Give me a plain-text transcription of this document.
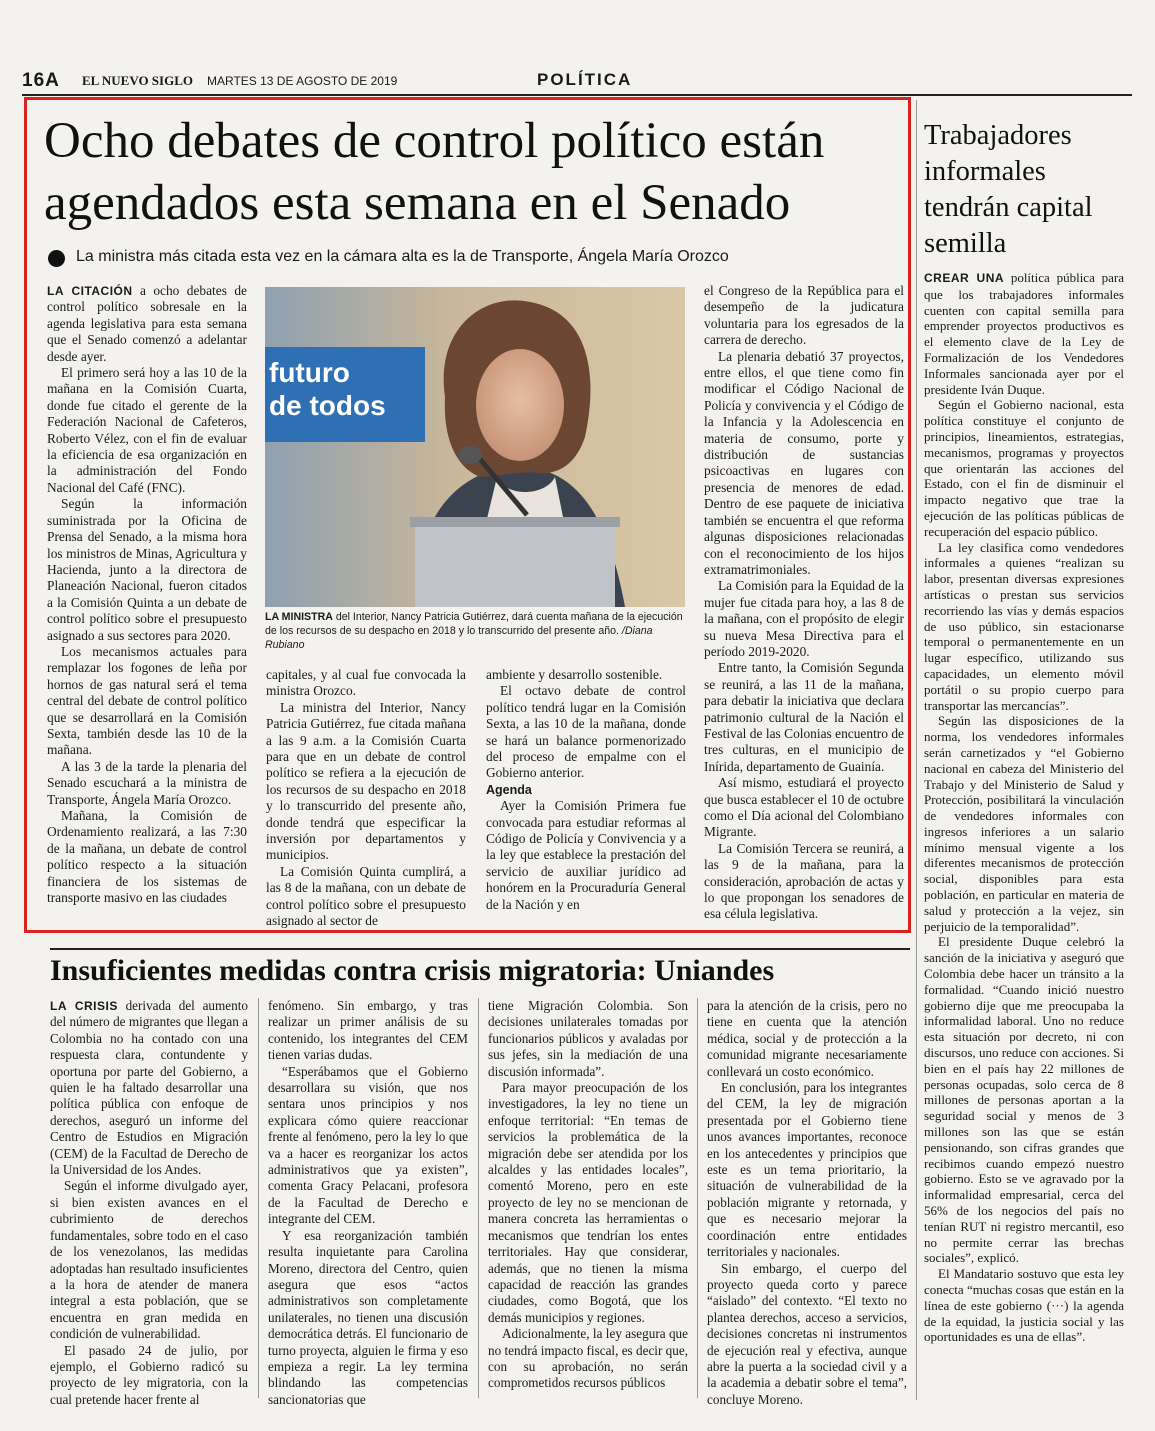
16A EL NUEVO SIGLO MARTES 13 DE AGOSTO DE 2019	POLÍTICA
Ocho debates de control político están agendados esta semana en el Senado
La ministra más citada esta vez en la cámara alta es la de Transporte, Ángela María Orozco

LA CITACIÓN a ocho debates de control político sobresale en la agenda legislativa para esta semana que el Senado comenzó a adelantar desde ayer.

El primero será hoy a las 10 de la mañana en la Comisión Cuarta, donde fue citado el gerente de la Federación Nacional de Cafeteros, Roberto Vélez, con el fin de evaluar la eficiencia de esa organización en la administración del Fondo Nacional del Café (FNC).

Según la información suministrada por la Oficina de Prensa del Senado, a la misma hora los ministros de Minas, Agricultura y Hacienda, junto a la directora de Planeación Nacional, fueron citados a la Comisión Quinta a un debate de control político sobre el presupuesto asignado a sus sectores para 2020.

Los mecanismos actuales para remplazar los fogones de leña por hornos de gas natural será el tema central del debate de control político que se desarrollará en la Comisión Sexta, también desde las 10 de la mañana.

A las 3 de la tarde la plenaria del Senado escuchará a la ministra de Transporte, Ángela María Orozco.

Mañana, la Comisión de Ordenamiento realizará, a las 7:30 de la mañana, un debate de control político respecto a la situación financiera de los sistemas de transporte masivo en las ciudades

futuro
de todos
LA MINISTRA del Interior, Nancy Patricia Gutiérrez, dará cuenta mañana de la ejecución de los recursos de su despacho en 2018 y lo transcurrido del presente año. /Diana Rubiano

capitales, y al cual fue convocada la ministra Orozco.

La ministra del Interior, Nancy Patricia Gutiérrez, fue citada mañana a las 9 a.m. a la Comisión Cuarta para que en un debate de control político se refiera a la ejecución de los recursos de su despacho en 2018 y lo transcurrido del presente año, donde tendrá que especificar la inversión por departamentos y municipios.

La Comisión Quinta cumplirá, a las 8 de la mañana, con un debate de control político sobre el presupuesto asignado al sector de

ambiente y desarrollo sostenible.

El octavo debate de control político tendrá lugar en la Comisión Sexta, a las 10 de la mañana, donde se hará un balance pormenorizado del proceso de empalme con el Gobierno anterior.

Agenda

Ayer la Comisión Primera fue convocada para estudiar reformas al Código de Policía y Convivencia y a la ley que establece la prestación del servicio de auxiliar jurídico ad honórem en la Procuraduría General de la Nación y en

el Congreso de la República para el desempeño de la judicatura voluntaria para los egresados de la carrera de derecho.

La plenaria debatió 37 proyectos, entre ellos, el que tiene como fin modificar el Código Nacional de Policía y convivencia y el Código de la Infancia y la Adolescencia en materia de consumo, porte y distribución de sustancias psicoactivas en lugares con presencia de menores de edad. Dentro de ese paquete de iniciativa también se encuentra el que reforma algunas disposiciones relacionadas con el reconocimiento de los hijos extramatrimoniales.

La Comisión para la Equidad de la mujer fue citada para hoy, a las 8 de la mañana, con el propósito de elegir su nueva Mesa Directiva para el período 2019-2020.

Entre tanto, la Comisión Segunda se reunirá, a las 11 de la mañana, para debatir la iniciativa que declara patrimonio cultural de la Nación el Festival de las Colonias encuentro de tres culturas, en el municipio de Inírida, departamento de Guainía.

Así mismo, estudiará el proyecto que busca establecer el 10 de octubre como el Día acional del Colombiano Migrante.

La Comisión Tercera se reunirá, a las 9 de la mañana, para la consideración, aprobación de actas y lo que propongan los senadores de esa célula legislativa.

Trabajadores informales tendrán capital semilla

CREAR UNA política pública para que los trabajadores informales cuenten con capital semilla para emprender proyectos productivos es el elemento clave de la Ley de Formalización de los Vendedores Informales sancionada ayer por el presidente Iván Duque.

Según el Gobierno nacional, esta política constituye el conjunto de principios, lineamientos, estrategias, mecanismos, programas y proyectos que orientarán las acciones del Estado, con el fin de disminuir el impacto negativo que trae la ejecución de las políticas públicas de recuperación del espacio público.

La ley clasifica como vendedores informales a quienes “realizan su labor, presentan diversas expresiones artísticas o prestan sus servicios recorriendo las vías y demás espacios de uso público, sin estacionarse temporal o permanentemente en un lugar específico, utilizando sus capacidades, un elemento móvil portátil o su propio cuerpo para transportar las mercancías”.

Según las disposiciones de la norma, los vendedores informales serán carnetizados y “el Gobierno nacional en cabeza del Ministerio del Trabajo y del Ministerio de Salud y Protección, posibilitará la vinculación de vendedores informales con ingresos inferiores a un salario mínimo mensual vigente a los diferentes mecanismos de protección social, disponibles para esta población, en particular en materia de salud y protección a la vejez, sin perjuicio de la temporalidad”.

El presidente Duque celebró la sanción de la iniciativa y aseguró que Colombia debe hacer un tránsito a la formalidad. “Cuando inició nuestro gobierno dije que me preocupaba la informalidad laboral. Uno no reduce esta situación por decreto, ni con discursos, uno reduce con acciones. Si bien en el país hay 22 millones de personas ocupadas, solo cerca de 8 millones de personas aportan a la seguridad social y menos de 3 millones son las que se están pensionando, son cifras grandes que recibimos cuando empezó nuestro gobierno. Esto se ve agravado por la informalidad empresarial, cerca del 56% de los negocios del país no tenían RUT ni registro mercantil, eso no permite cerrar las brechas sociales”, explicó.

El Mandatario sostuvo que esta ley conecta “muchas cosas que están en la línea de este gobierno (···) la agenda de la equidad, la justicia social y las oportunidades es una de ellas”.

Insuficientes medidas contra crisis migratoria: Uniandes

LA CRISIS derivada del aumento del número de migrantes que llegan a Colombia no ha contado con una respuesta clara, contundente y oportuna por parte del Gobierno, a quien le ha faltado desarrollar una política pública con enfoque de derechos, aseguró un informe del Centro de Estudios en Migración (CEM) de la Facultad de Derecho de la Universidad de los Andes.

Según el informe divulgado ayer, si bien existen avances en el cubrimiento de derechos fundamentales, sobre todo en el caso de los venezolanos, las medidas adoptadas han resultado insuficientes a la hora de atender de manera integral a esta población, que se encuentra en gran medida en condición de vulnerabilidad.

El pasado 24 de julio, por ejemplo, el Gobierno radicó su proyecto de ley migratoria, con la cual pretende hacer frente al

fenómeno. Sin embargo, y tras realizar un primer análisis de su contenido, los integrantes del CEM tienen varias dudas.

“Esperábamos que el Gobierno desarrollara su visión, que nos sentara unos principios y nos explicara cómo quiere reaccionar frente al fenómeno, pero la ley lo que va a hacer es reorganizar los actos administrativos que ya existen”, comenta Gracy Pelacani, profesora de la Facultad de Derecho e integrante del CEM.

Y esa reorganización también resulta inquietante para Carolina Moreno, directora del Centro, quien asegura que esos “actos administrativos son completamente unilaterales, no tienen una discusión democrática detrás. El funcionario de turno proyecta, alguien le firma y eso empieza a regir. La ley termina blindando las competencias sancionatorias que

tiene Migración Colombia. Son decisiones unilaterales tomadas por funcionarios públicos y avaladas por sus jefes, sin la mediación de una discusión informada”.

Para mayor preocupación de los investigadores, la ley no tiene un enfoque territorial: “En temas de servicios la problemática de la migración debe ser atendida por los alcaldes y las entidades locales”, comentó Moreno, pero en este proyecto de ley no se mencionan de manera concreta las herramientas o mecanismos que tendrían los entes territoriales. Hay que considerar, además, que no tienen la misma capacidad de reacción las grandes ciudades, como Bogotá, que los demás municipios y regiones.

Adicionalmente, la ley asegura que no tendrá impacto fiscal, es decir que, con su aprobación, no serán comprometidos recursos públicos

para la atención de la crisis, pero no tiene en cuenta que la atención médica, social y de protección a la comunidad migrante necesariamente conllevará un costo económico.

En conclusión, para los integrantes del CEM, la ley de migración presentada por el Gobierno tiene unos avances importantes, reconoce en los antecedentes y principios que este es un tema prioritario, la situación de vulnerabilidad de la población migrante y retornada, y que es necesario mejorar la coordinación entre entidades territoriales y nacionales.

Sin embargo, el cuerpo del proyecto queda corto y parece “aislado” del contexto. “El texto no plantea derechos, acceso a servicios, decisiones concretas ni instrumentos de ejecución real y efectiva, aunque abre la puerta a la sociedad civil y a la academia a debatir sobre el tema”, concluye Moreno.
